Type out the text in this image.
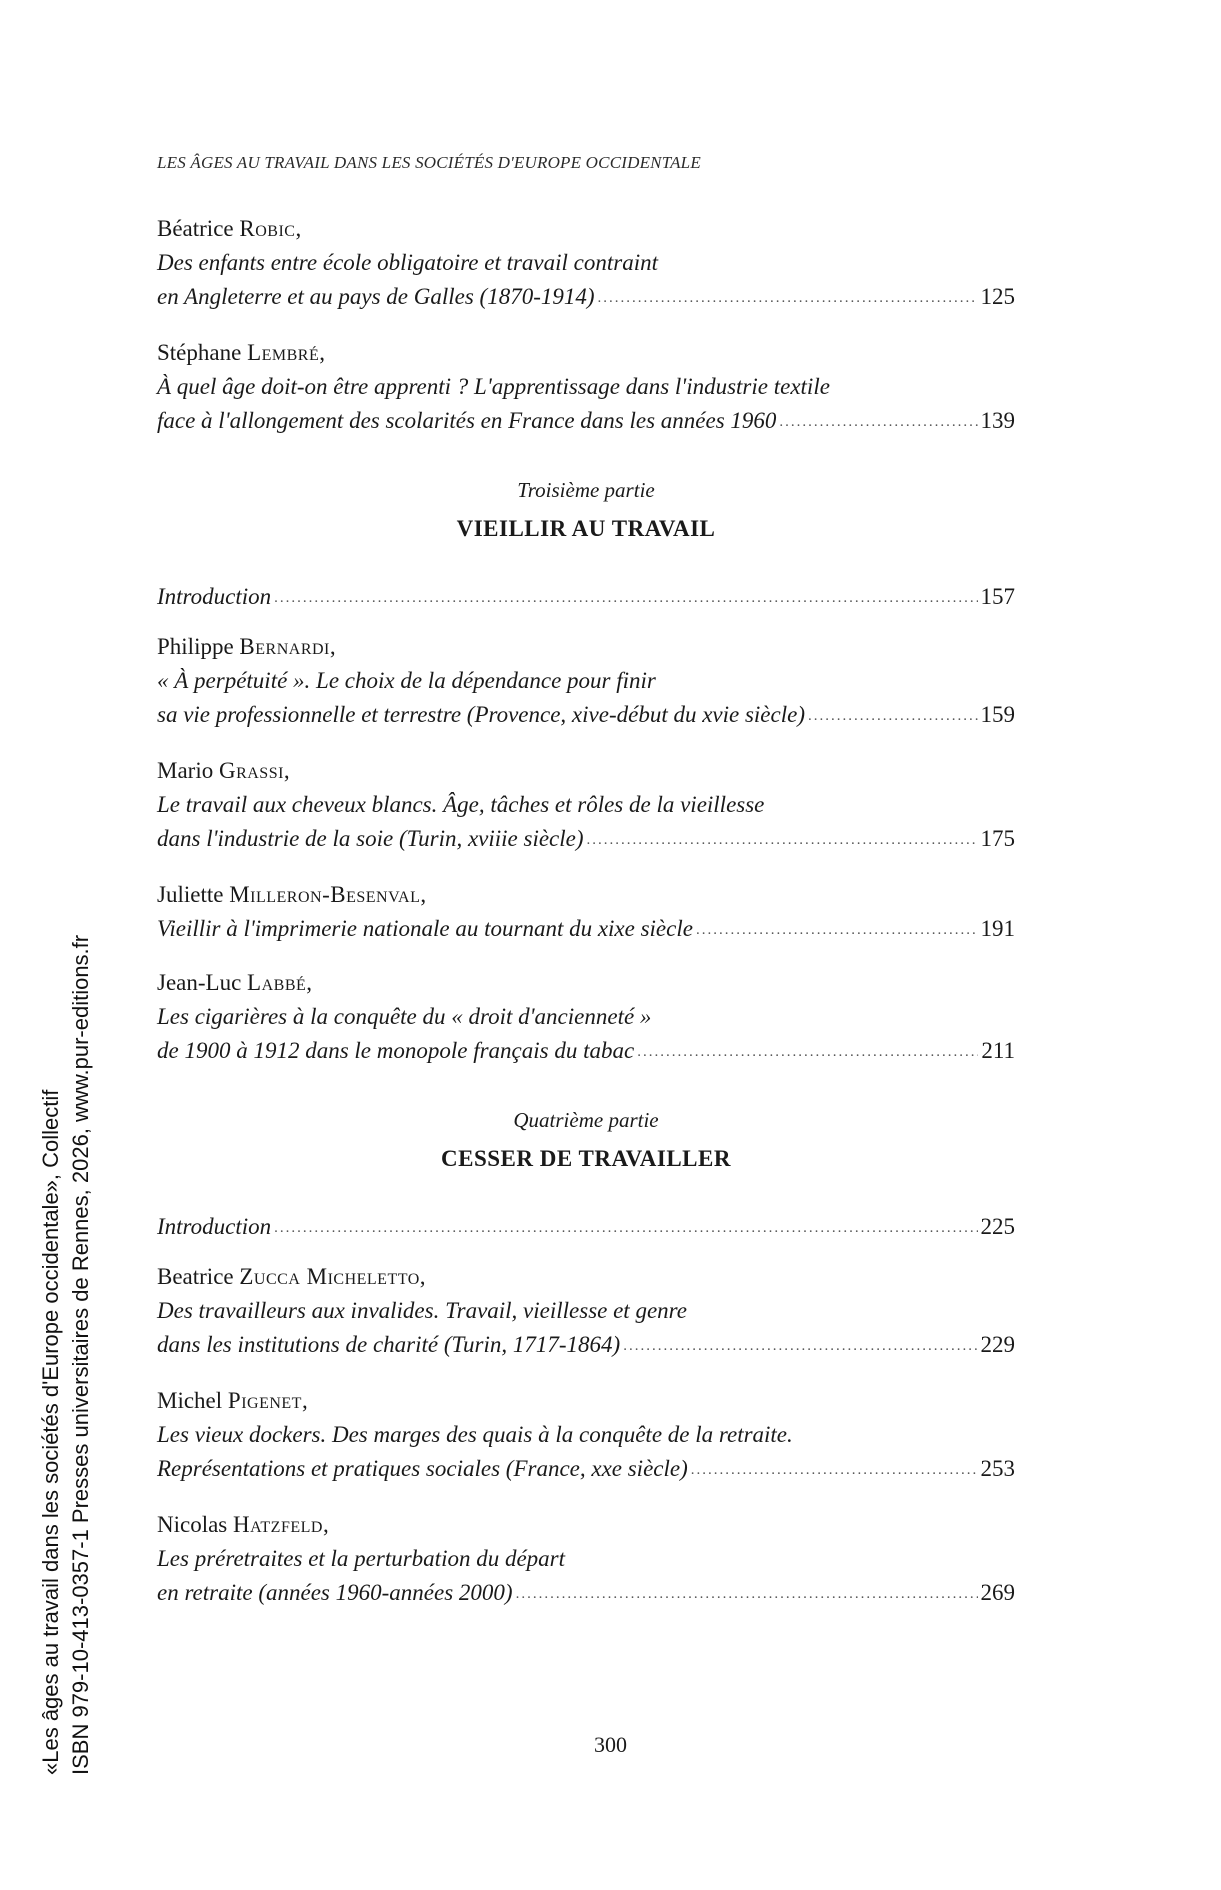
LES ÂGES AU TRAVAIL DANS LES SOCIÉTÉS D'EUROPE OCCIDENTALE
Béatrice Robic,
Des enfants entre école obligatoire et travail contraint
en Angleterre et au pays de Galles (1870-1914) .....	125
Stéphane Lembré,
À quel âge doit-on être apprenti ? L'apprentissage dans l'industrie textile
face à l'allongement des scolarités en France dans les années 1960 .....	139
Troisième partie
VIEILLIR AU TRAVAIL
Introduction .....	157
Philippe Bernardi,
« À perpétuité ». Le choix de la dépendance pour finir
sa vie professionnelle et terrestre (Provence, xive-début du xvie siècle) .....	159
Mario Grassi,
Le travail aux cheveux blancs. Âge, tâches et rôles de la vieillesse
dans l'industrie de la soie (Turin, xviiie siècle) .....	175
Juliette Milleron-Besenval,
Vieillir à l'imprimerie nationale au tournant du xixe siècle .....	191
Jean-Luc Labbé,
Les cigarières à la conquête du « droit d'ancienneté »
de 1900 à 1912 dans le monopole français du tabac .....	211
Quatrième partie
CESSER DE TRAVAILLER
Introduction .....	225
Beatrice Zucca Micheletto,
Des travailleurs aux invalides. Travail, vieillesse et genre
dans les institutions de charité (Turin, 1717-1864) .....	229
Michel Pigenet,
Les vieux dockers. Des marges des quais à la conquête de la retraite.
Représentations et pratiques sociales (France, xxe siècle) .....	253
Nicolas Hatzfeld,
Les préretraites et la perturbation du départ
en retraite (années 1960-années 2000) .....	269
300
«Les âges au travail dans les sociétés d'Europe occidentale», Collectif ISBN 979-10-413-0357-1 Presses universitaires de Rennes, 2026, www.pur-editions.fr
